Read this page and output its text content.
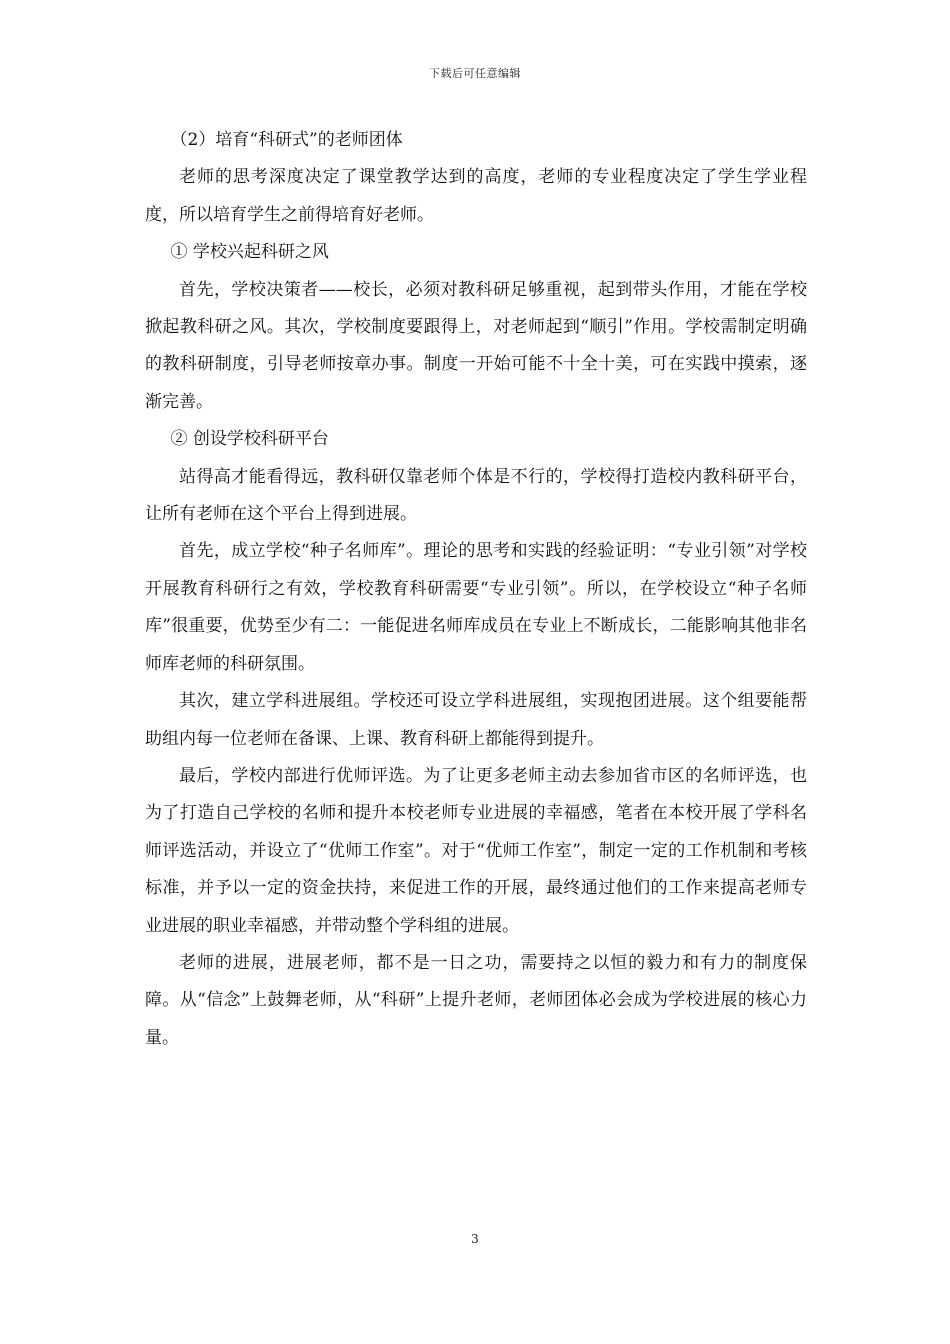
下载后可任意编辑

（2）培育“科研式”的老师团体

老师的思考深度决定了课堂教学达到的高度，老师的专业程度决定了学生学业程度，所以培育学生之前得培育好老师。

① 学校兴起科研之风

首先，学校决策者——校长，必须对教科研足够重视，起到带头作用，才能在学校掀起教科研之风。其次，学校制度要跟得上，对老师起到“顺引”作用。学校需制定明确的教科研制度，引导老师按章办事。制度一开始可能不十全十美，可在实践中摸索，逐渐完善。

② 创设学校科研平台

站得高才能看得远，教科研仅靠老师个体是不行的，学校得打造校内教科研平台，让所有老师在这个平台上得到进展。

首先，成立学校“种子名师库”。理论的思考和实践的经验证明：“专业引领”对学校开展教育科研行之有效，学校教育科研需要“专业引领”。所以，在学校设立“种子名师库”很重要，优势至少有二：一能促进名师库成员在专业上不断成长，二能影响其他非名师库老师的科研氛围。

其次，建立学科进展组。学校还可设立学科进展组，实现抱团进展。这个组要能帮助组内每一位老师在备课、上课、教育科研上都能得到提升。

最后，学校内部进行优师评选。为了让更多老师主动去参加省市区的名师评选，也为了打造自己学校的名师和提升本校老师专业进展的幸福感，笔者在本校开展了学科名师评选活动，并设立了“优师工作室”。对于“优师工作室”，制定一定的工作机制和考核标准，并予以一定的资金扶持，来促进工作的开展，最终通过他们的工作来提高老师专业进展的职业幸福感，并带动整个学科组的进展。

老师的进展，进展老师，都不是一日之功，需要持之以恒的毅力和有力的制度保障。从“信念”上鼓舞老师，从“科研”上提升老师，老师团体必会成为学校进展的核心力量。

3
